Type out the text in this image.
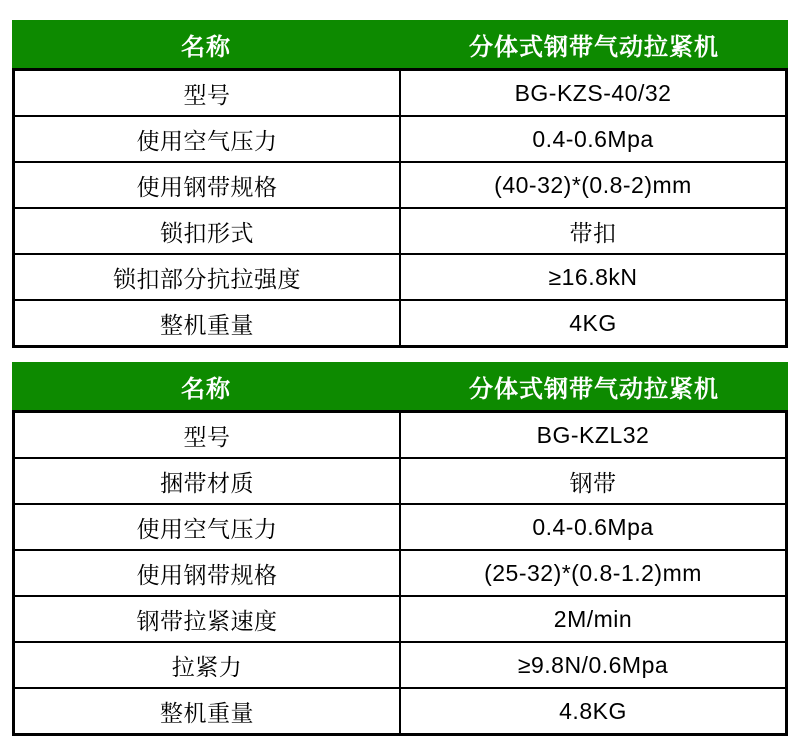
名称	分体式钢带气动拉紧机
型号	BG-KZS-40/32
使用空气压力	0.4-0.6Mpa
使用钢带规格	(40-32)*(0.8-2)mm
锁扣形式	带扣
锁扣部分抗拉强度	≥16.8kN
整机重量	4KG
名称	分体式钢带气动拉紧机
型号	BG-KZL32
捆带材质	钢带
使用空气压力	0.4-0.6Mpa
使用钢带规格	(25-32)*(0.8-1.2)mm
钢带拉紧速度	2M/min
拉紧力	≥9.8N/0.6Mpa
整机重量	4.8KG
